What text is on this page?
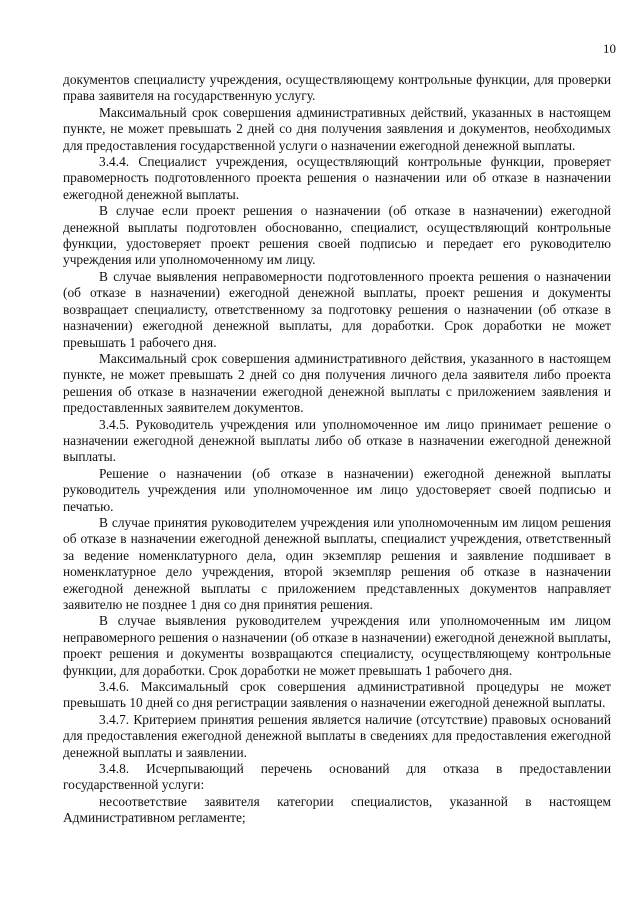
10

документов специалисту учреждения, осуществляющему контрольные функции, для проверки права заявителя на государственную услугу.

Максимальный срок совершения административных действий, указанных в настоящем пункте, не может превышать 2 дней со дня получения заявления и документов, необходимых для предоставления государственной услуги о назначении ежегодной денежной выплаты.

3.4.4. Специалист учреждения, осуществляющий контрольные функции, проверяет правомерность подготовленного проекта решения о назначении или об отказе в назначении ежегодной денежной выплаты.

В случае если проект решения о назначении (об отказе в назначении) ежегодной денежной выплаты подготовлен обоснованно, специалист, осуществляющий контрольные функции, удостоверяет проект решения своей подписью и передает его руководителю учреждения или уполномоченному им лицу.

В случае выявления неправомерности подготовленного проекта решения о назначении (об отказе в назначении) ежегодной денежной выплаты, проект решения и документы возвращает специалисту, ответственному за подготовку решения о назначении (об отказе в назначении) ежегодной денежной выплаты, для доработки. Срок доработки не может превышать 1 рабочего дня.

Максимальный срок совершения административного действия, указанного в настоящем пункте, не может превышать 2 дней со дня получения личного дела заявителя либо проекта решения об отказе в назначении ежегодной денежной выплаты с приложением заявления и предоставленных заявителем документов.

3.4.5. Руководитель учреждения или уполномоченное им лицо принимает решение о назначении ежегодной денежной выплаты либо об отказе в назначении ежегодной денежной выплаты.

Решение о назначении (об отказе в назначении) ежегодной денежной выплаты руководитель учреждения или уполномоченное им лицо удостоверяет своей подписью и печатью.

В случае принятия руководителем учреждения или уполномоченным им лицом решения об отказе в назначении ежегодной денежной выплаты, специалист учреждения, ответственный за ведение номенклатурного дела, один экземпляр решения и заявление подшивает в номенклатурное дело учреждения, второй экземпляр решения об отказе в назначении ежегодной денежной выплаты с приложением представленных документов направляет заявителю не позднее 1 дня со дня принятия решения.

В случае выявления руководителем учреждения или уполномоченным им лицом неправомерного решения о назначении (об отказе в назначении) ежегодной денежной выплаты, проект решения и документы возвращаются специалисту, осуществляющему контрольные функции, для доработки. Срок доработки не может превышать 1 рабочего дня.

3.4.6. Максимальный срок совершения административной процедуры не может превышать 10 дней со дня регистрации заявления о назначении ежегодной денежной выплаты.

3.4.7. Критерием принятия решения является наличие (отсутствие) правовых оснований для предоставления ежегодной денежной выплаты в сведениях для предоставления ежегодной денежной выплаты и заявлении.

3.4.8. Исчерпывающий перечень оснований для отказа в предоставлении государственной услуги:

несоответствие заявителя категории специалистов, указанной в настоящем Административном регламенте;
